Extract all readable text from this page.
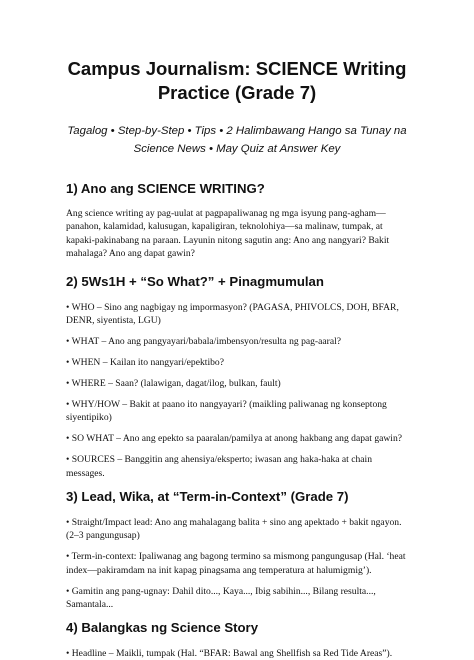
Campus Journalism: SCIENCE Writing Practice (Grade 7)
Tagalog • Step-by-Step • Tips • 2 Halimbawang Hango sa Tunay na Science News • May Quiz at Answer Key
1) Ano ang SCIENCE WRITING?

Ang science writing ay pag-uulat at pagpapaliwanag ng mga isyung pang-agham—panahon, kalamidad, kalusugan, kapaligiran, teknolohiya—sa malinaw, tumpak, at kapaki-pakinabang na paraan. Layunin nitong sagutin ang: Ano ang nangyari? Bakit mahalaga? Ano ang dapat gawin?

2) 5Ws1H + “So What?” + Pinagmumulan

• WHO – Sino ang nagbigay ng impormasyon? (PAGASA, PHIVOLCS, DOH, BFAR, DENR, siyentista, LGU)

• WHAT – Ano ang pangyayari/babala/imbensyon/resulta ng pag-aaral?

• WHEN – Kailan ito nangyari/epektibo?

• WHERE – Saan? (lalawigan, dagat/ilog, bulkan, fault)

• WHY/HOW – Bakit at paano ito nangyayari? (maikling paliwanag ng konseptong siyentipiko)

• SO WHAT – Ano ang epekto sa paaralan/pamilya at anong hakbang ang dapat gawin?

• SOURCES – Banggitin ang ahensiya/eksperto; iwasan ang haka-haka at chain messages.

3) Lead, Wika, at “Term-in-Context” (Grade 7)

• Straight/Impact lead: Ano ang mahalagang balita + sino ang apektado + bakit ngayon. (2–3 pangungusap)

• Term-in-context: Ipaliwanag ang bagong termino sa mismong pangungusap (Hal. ‘heat index—pakiramdam na init kapag pinagsama ang temperatura at halumigmig’).

• Gamitin ang pang-ugnay: Dahil dito..., Kaya..., Ibig sabihin..., Bilang resulta..., Samantala...

4) Balangkas ng Science Story

• Headline – Maikli, tumpak (Hal. “BFAR: Bawal ang Shellfish sa Red Tide Areas”).
